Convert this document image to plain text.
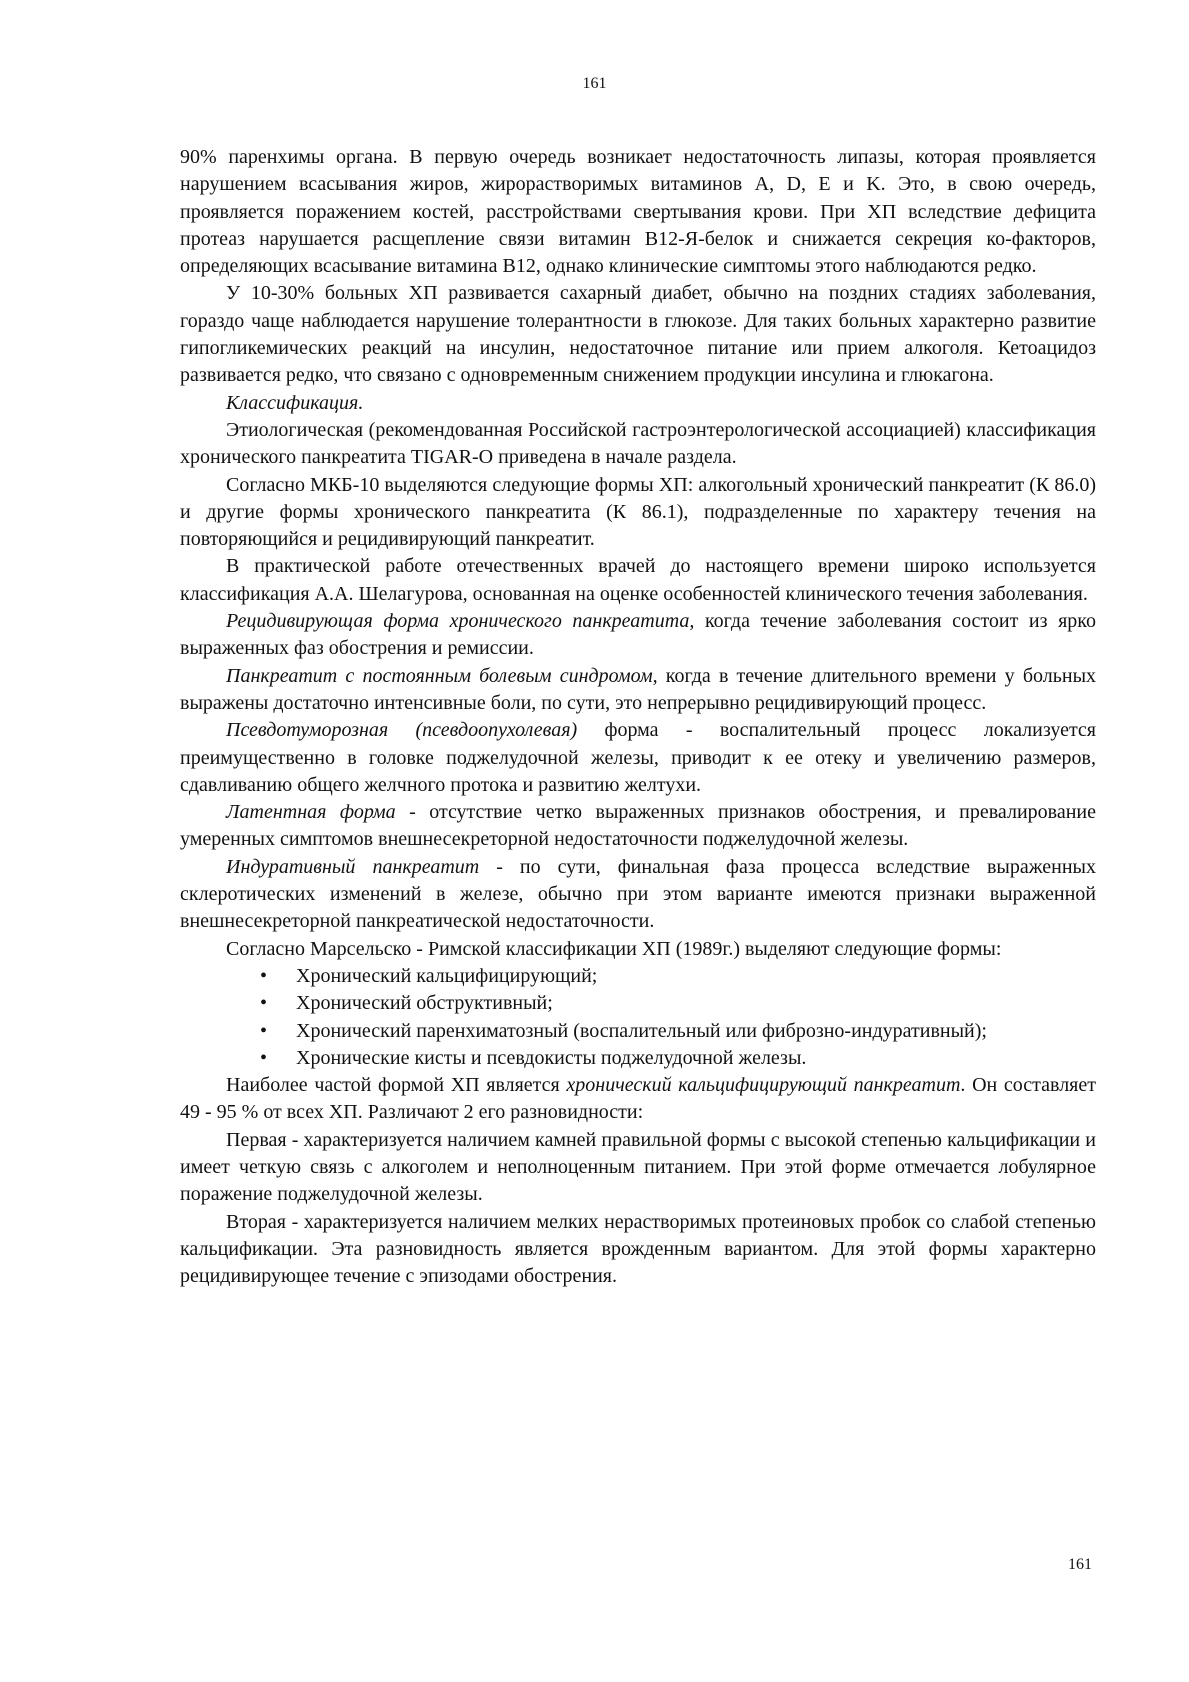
161

90% паренхимы органа. В первую очередь возникает недостаточность липазы, которая проявляется нарушением всасывания жиров, жирорастворимых витаминов А, D, Е и K. Это, в свою очередь, проявляется поражением костей, расстройствами свертывания крови. При ХП вследствие дефицита протеаз нарушается расщепление связи витамин В12-Я-белок и снижается секреция ко-факторов, определяющих всасывание витамина В12, однако клинические симптомы этого наблюдаются редко.

У 10-30% больных ХП развивается сахарный диабет, обычно на поздних стадиях заболевания, гораздо чаще наблюдается нарушение толерантности в глюкозе. Для таких больных характерно развитие гипогликемических реакций на инсулин, недостаточное питание или прием алкоголя. Кетоацидоз развивается редко, что связано с одновременным снижением продукции инсулина и глюкагона.

Классификация.

Этиологическая (рекомендованная Российской гастроэнтерологической ассоциацией) классификация хронического панкреатита TIGAR-O приведена в начале раздела.

Согласно МКБ-10 выделяются следующие формы ХП: алкогольный хронический панкреатит (К 86.0) и другие формы хронического панкреатита (К 86.1), подразделенные по характеру течения на повторяющийся и рецидивирующий панкреатит.

В практической работе отечественных врачей до настоящего времени широко используется классификация А.А. Шелагурова, основанная на оценке особенностей клинического течения заболевания.

Рецидивирующая форма хронического панкреатита, когда течение заболевания состоит из ярко выраженных фаз обострения и ремиссии.

Панкреатит с постоянным болевым синдромом, когда в течение длительного времени у больных выражены достаточно интенсивные боли, по сути, это непрерывно рецидивирующий процесс.

Псевдотуморозная (псевдоопухолевая) форма - воспалительный процесс локализуется преимущественно в головке поджелудочной железы, приводит к ее отеку и увеличению размеров, сдавливанию общего желчного протока и развитию желтухи.

Латентная форма - отсутствие четко выраженных признаков обострения, и превалирование умеренных симптомов внешнесекреторной недостаточности поджелудочной железы.

Индуративный панкреатит - по сути, финальная фаза процесса вследствие выраженных склеротических изменений в железе, обычно при этом варианте имеются признаки выраженной внешнесекреторной панкреатической недостаточности.

Согласно Марсельско - Римской классификации ХП (1989г.) выделяют следующие формы:

•	Хронический кальцифицирующий;
•	Хронический обструктивный;
•	Хронический паренхиматозный (воспалительный или фиброзно-индуративный);
•	Хронические кисты и псевдокисты поджелудочной железы.

Наиболее частой формой ХП является хронический кальцифицирующий панкреатит. Он составляет 49 - 95 % от всех ХП. Различают 2 его разновидности:

Первая - характеризуется наличием камней правильной формы с высокой степенью кальцификации и имеет четкую связь с алкоголем и неполноценным питанием. При этой форме отмечается лобулярное поражение поджелудочной железы.

Вторая - характеризуется наличием мелких нерастворимых протеиновых пробок со слабой степенью кальцификации. Эта разновидность является врожденным вариантом. Для этой формы характерно рецидивирующее течение с эпизодами обострения.

161
